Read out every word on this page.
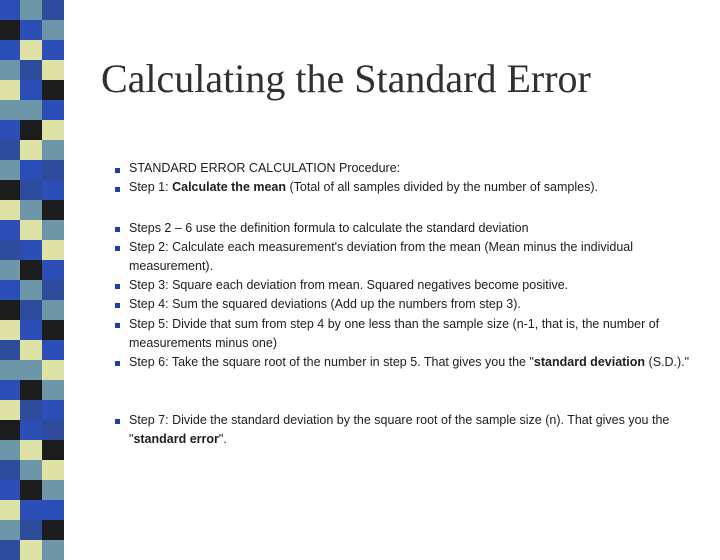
Calculating the Standard Error
STANDARD ERROR CALCULATION Procedure:
Step 1: Calculate the mean (Total of all samples divided by the number of samples).
Steps 2 – 6 use the definition formula to calculate the standard deviation
Step 2: Calculate each measurement's deviation from the mean (Mean minus the individual measurement).
Step 3: Square each deviation from mean. Squared negatives become positive.
Step 4: Sum the squared deviations (Add up the numbers from step 3).
Step 5: Divide that sum from step 4 by one less than the sample size (n-1, that is, the number of measurements minus one)
Step 6: Take the square root of the number in step 5. That gives you the "standard deviation (S.D.)."
Step 7: Divide the standard deviation by the square root of the sample size (n). That gives you the "standard error".
